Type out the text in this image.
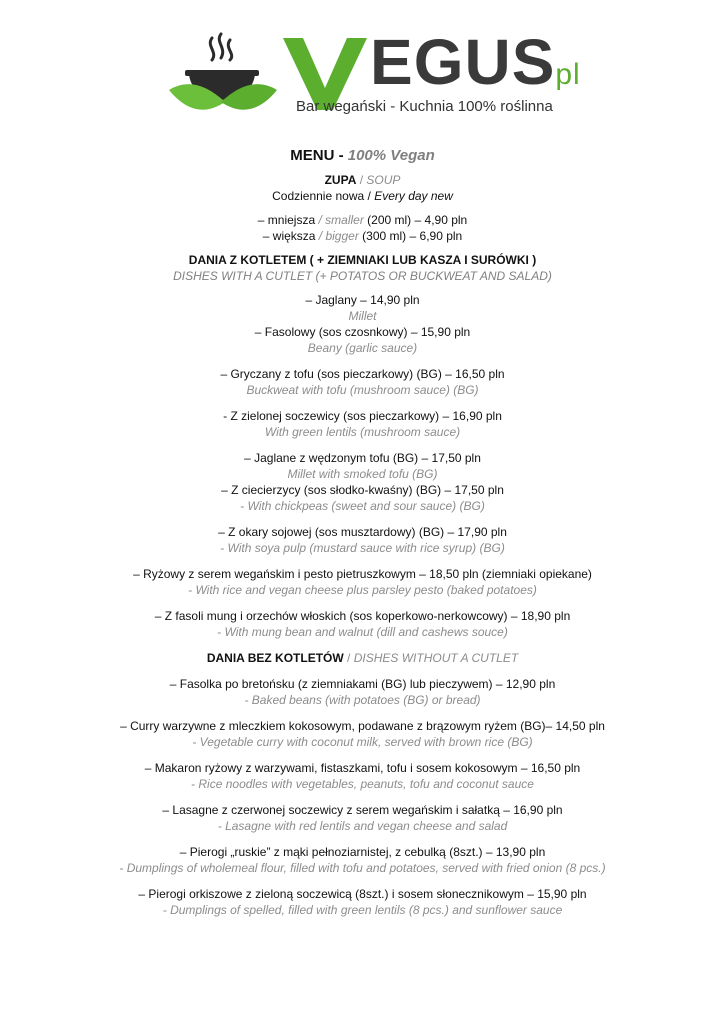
EGUSpl
Bar wegański - Kuchnia 100% roślinna
MENU - 100% Vegan
ZUPA / SOUP
Codziennie nowa / Every day new
– mniejsza / smaller (200 ml) – 4,90 pln
– większa / bigger (300 ml) – 6,90 pln
DANIA Z KOTLETEM ( + ZIEMNIAKI LUB KASZA I SURÓWKI )
DISHES WITH A CUTLET (+ POTATOS OR BUCKWEAT AND SALAD)
– Jaglany – 14,90 pln
Millet
– Fasolowy (sos czosnkowy) – 15,90 pln
Beany (garlic sauce)
– Gryczany z tofu (sos pieczarkowy) (BG) – 16,50 pln
Buckweat with tofu (mushroom sauce) (BG)
- Z zielonej soczewicy (sos pieczarkowy) – 16,90 pln
With green lentils (mushroom sauce)
– Jaglane z wędzonym tofu (BG) – 17,50 pln
Millet with smoked tofu (BG)
– Z ciecierzycy (sos słodko-kwaśny) (BG) – 17,50 pln
- With chickpeas (sweet and sour sauce) (BG)
– Z okary sojowej (sos musztardowy) (BG) – 17,90 pln
- With soya pulp (mustard sauce with rice syrup) (BG)
– Ryżowy z serem wegańskim i pesto pietruszkowym – 18,50 pln (ziemniaki opiekane)
- With rice and vegan cheese plus parsley pesto (baked potatoes)
– Z fasoli mung i orzechów włoskich (sos koperkowo-nerkowcowy) – 18,90 pln
- With mung bean and walnut (dill and cashews souce)
DANIA BEZ KOTLETÓW / DISHES WITHOUT A CUTLET
– Fasolka po bretońsku (z ziemniakami (BG) lub pieczywem) – 12,90 pln
- Baked beans (with potatoes (BG) or bread)
– Curry warzywne z mleczkiem kokosowym, podawane z brązowym ryżem (BG)– 14,50 pln
- Vegetable curry with coconut milk, served with brown rice (BG)
– Makaron ryżowy z warzywami, fistaszkami, tofu i sosem kokosowym – 16,50 pln
- Rice noodles with vegetables, peanuts, tofu and coconut sauce
– Lasagne z czerwonej soczewicy z serem wegańskim i sałatką – 16,90 pln
- Lasagne with red lentils and vegan cheese and salad
– Pierogi „ruskie” z mąki pełnoziarnistej, z cebulką (8szt.) – 13,90 pln
- Dumplings of wholemeal flour, filled with tofu and potatoes, served with fried onion (8 pcs.)
– Pierogi orkiszowe z zieloną soczewicą (8szt.) i sosem słonecznikowym – 15,90 pln
- Dumplings of spelled, filled with green lentils (8 pcs.) and sunflower sauce
